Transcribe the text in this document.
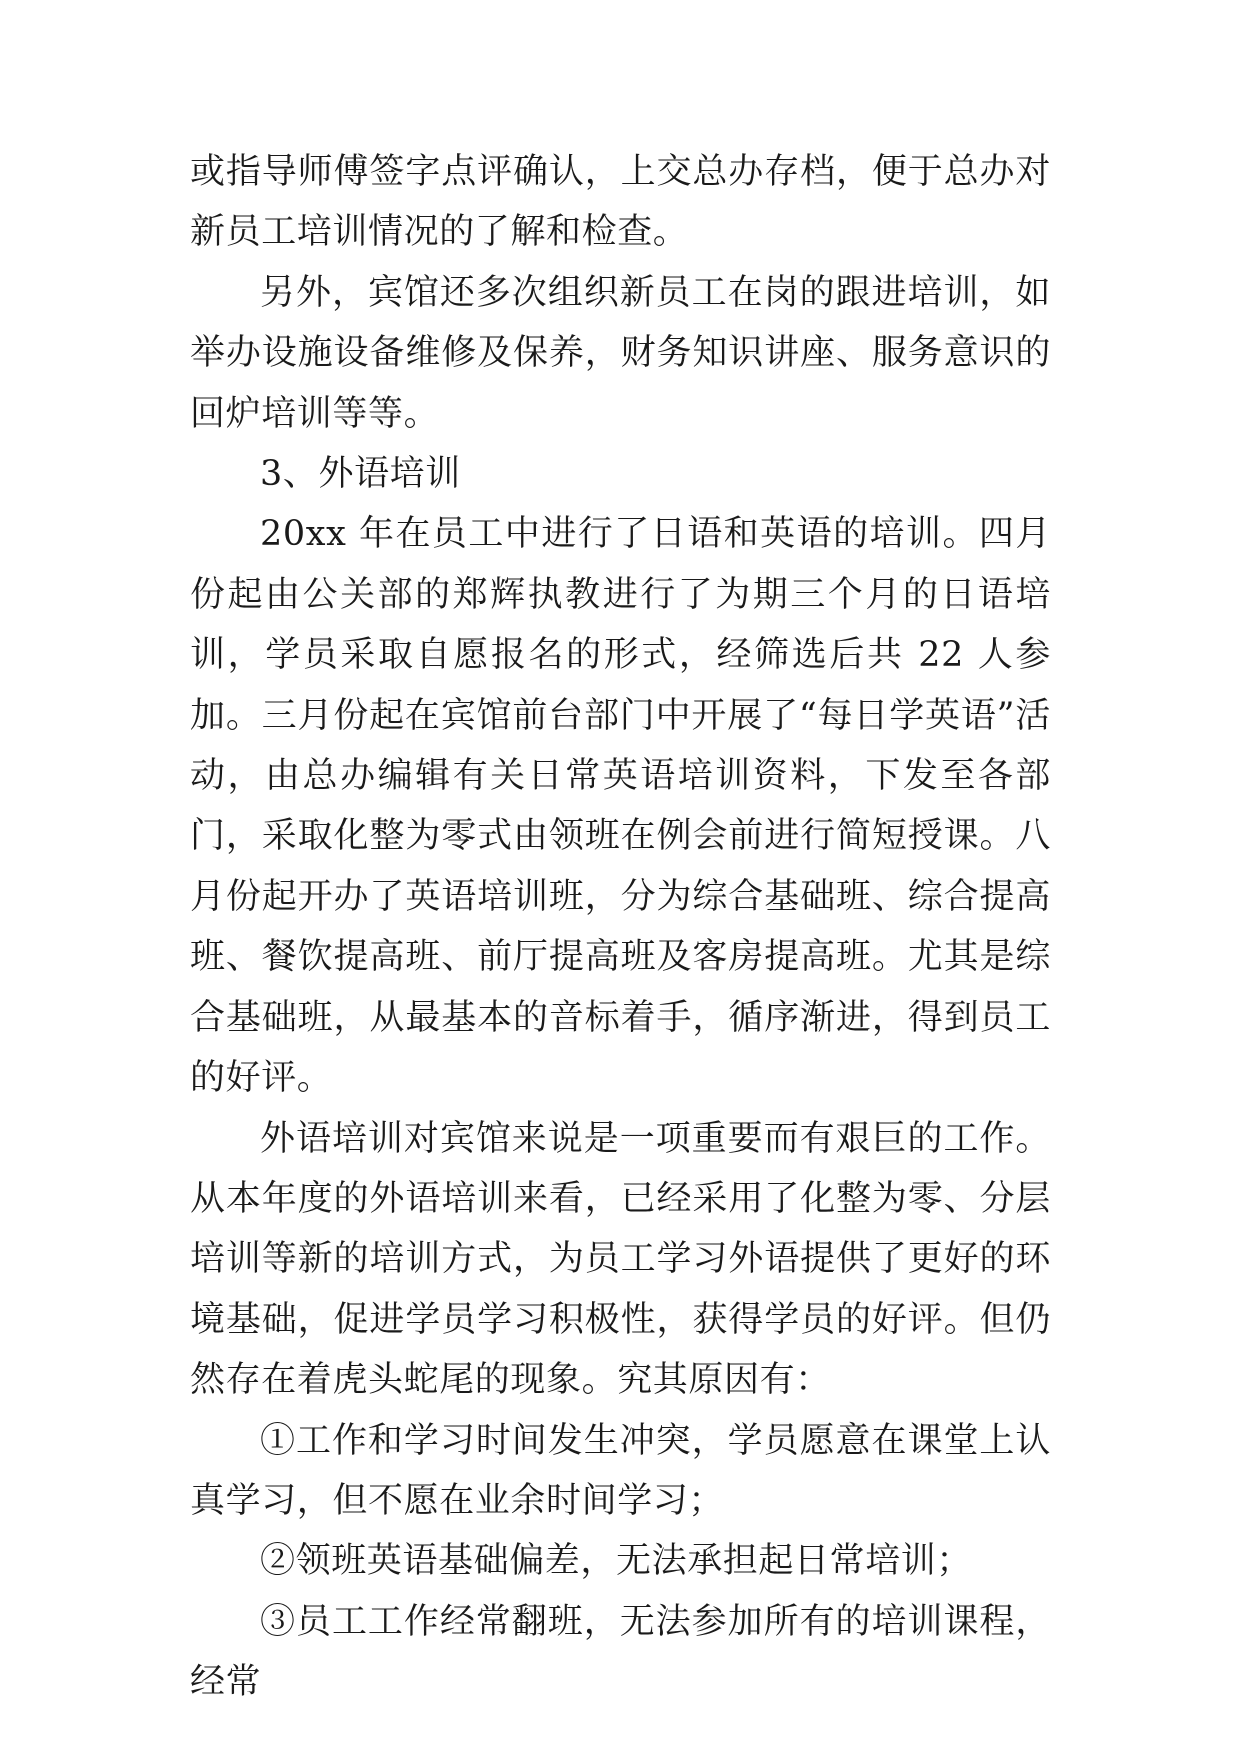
或指导师傅签字点评确认，上交总办存档，便于总办对新员工培训情况的了解和检查。

另外，宾馆还多次组织新员工在岗的跟进培训，如举办设施设备维修及保养，财务知识讲座、服务意识的回炉培训等等。

3、外语培训

20xx 年在员工中进行了日语和英语的培训。四月份起由公关部的郑辉执教进行了为期三个月的日语培训，学员采取自愿报名的形式，经筛选后共 22 人参加。三月份起在宾馆前台部门中开展了“每日学英语”活动，由总办编辑有关日常英语培训资料，下发至各部门，采取化整为零式由领班在例会前进行简短授课。八月份起开办了英语培训班，分为综合基础班、综合提高班、餐饮提高班、前厅提高班及客房提高班。尤其是综合基础班，从最基本的音标着手，循序渐进，得到员工的好评。

外语培训对宾馆来说是一项重要而有艰巨的工作。从本年度的外语培训来看，已经采用了化整为零、分层培训等新的培训方式，为员工学习外语提供了更好的环境基础，促进学员学习积极性，获得学员的好评。但仍然存在着虎头蛇尾的现象。究其原因有：

①工作和学习时间发生冲突，学员愿意在课堂上认真学习，但不愿在业余时间学习；

②领班英语基础偏差，无法承担起日常培训；

③员工工作经常翻班，无法参加所有的培训课程，经常
